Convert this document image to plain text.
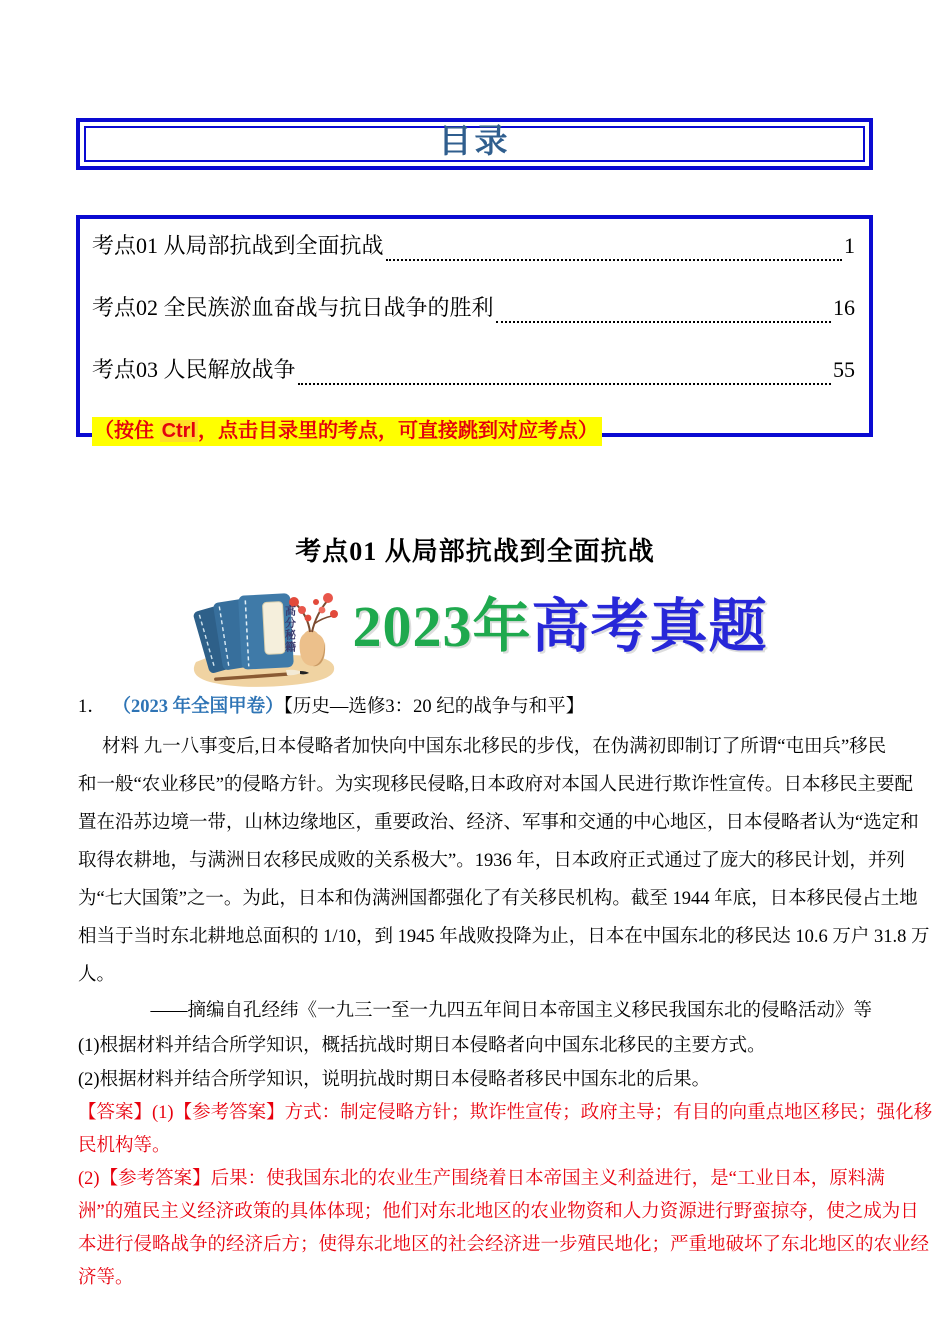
目录
考点01 从局部抗战到全面抗战	1
考点02 全民族淤血奋战与抗日战争的胜利	16
考点03 人民解放战争	55
（按住 Ctrl ，点击目录里的考点，可直接跳到对应考点）
考点01 从局部抗战到全面抗战
高分秘籍 2023年高考真题
1． （2023 年全国甲卷）【历史—选修3：20 纪的战争与和平】
材料 九一八事变后,日本侵略者加快向中国东北移民的步伐，在伪满初即制订了所谓“屯田兵”移民
和一般“农业移民”的侵略方针。为实现移民侵略,日本政府对本国人民进行欺诈性宣传。日本移民主要配
置在沿苏边境一带，山林边缘地区，重要政治、经济、军事和交通的中心地区，日本侵略者认为“选定和
取得农耕地，与满洲日农移民成败的关系极大”。1936 年，日本政府正式通过了庞大的移民计划，并列
为“七大国策”之一。为此，日本和伪满洲国都强化了有关移民机构。截至 1944 年底，日本移民侵占土地
相当于当时东北耕地总面积的 1/10，到 1945 年战败投降为止，日本在中国东北的移民达 10.6 万户 31.8 万
人。
——摘编自孔经纬《一九三一至一九四五年间日本帝国主义移民我国东北的侵略活动》等
(1)根据材料并结合所学知识，概括抗战时期日本侵略者向中国东北移民的主要方式。
(2)根据材料并结合所学知识，说明抗战时期日本侵略者移民中国东北的后果。
【答案】(1)【参考答案】方式：制定侵略方针；欺诈性宣传；政府主导；有目的向重点地区移民；强化移
民机构等。
(2)【参考答案】后果：使我国东北的农业生产围绕着日本帝国主义利益进行，是“工业日本，原料满
洲”的殖民主义经济政策的具体体现；他们对东北地区的农业物资和人力资源进行野蛮掠夺，使之成为日
本进行侵略战争的经济后方；使得东北地区的社会经济进一步殖民地化；严重地破坏了东北地区的农业经
济等。
